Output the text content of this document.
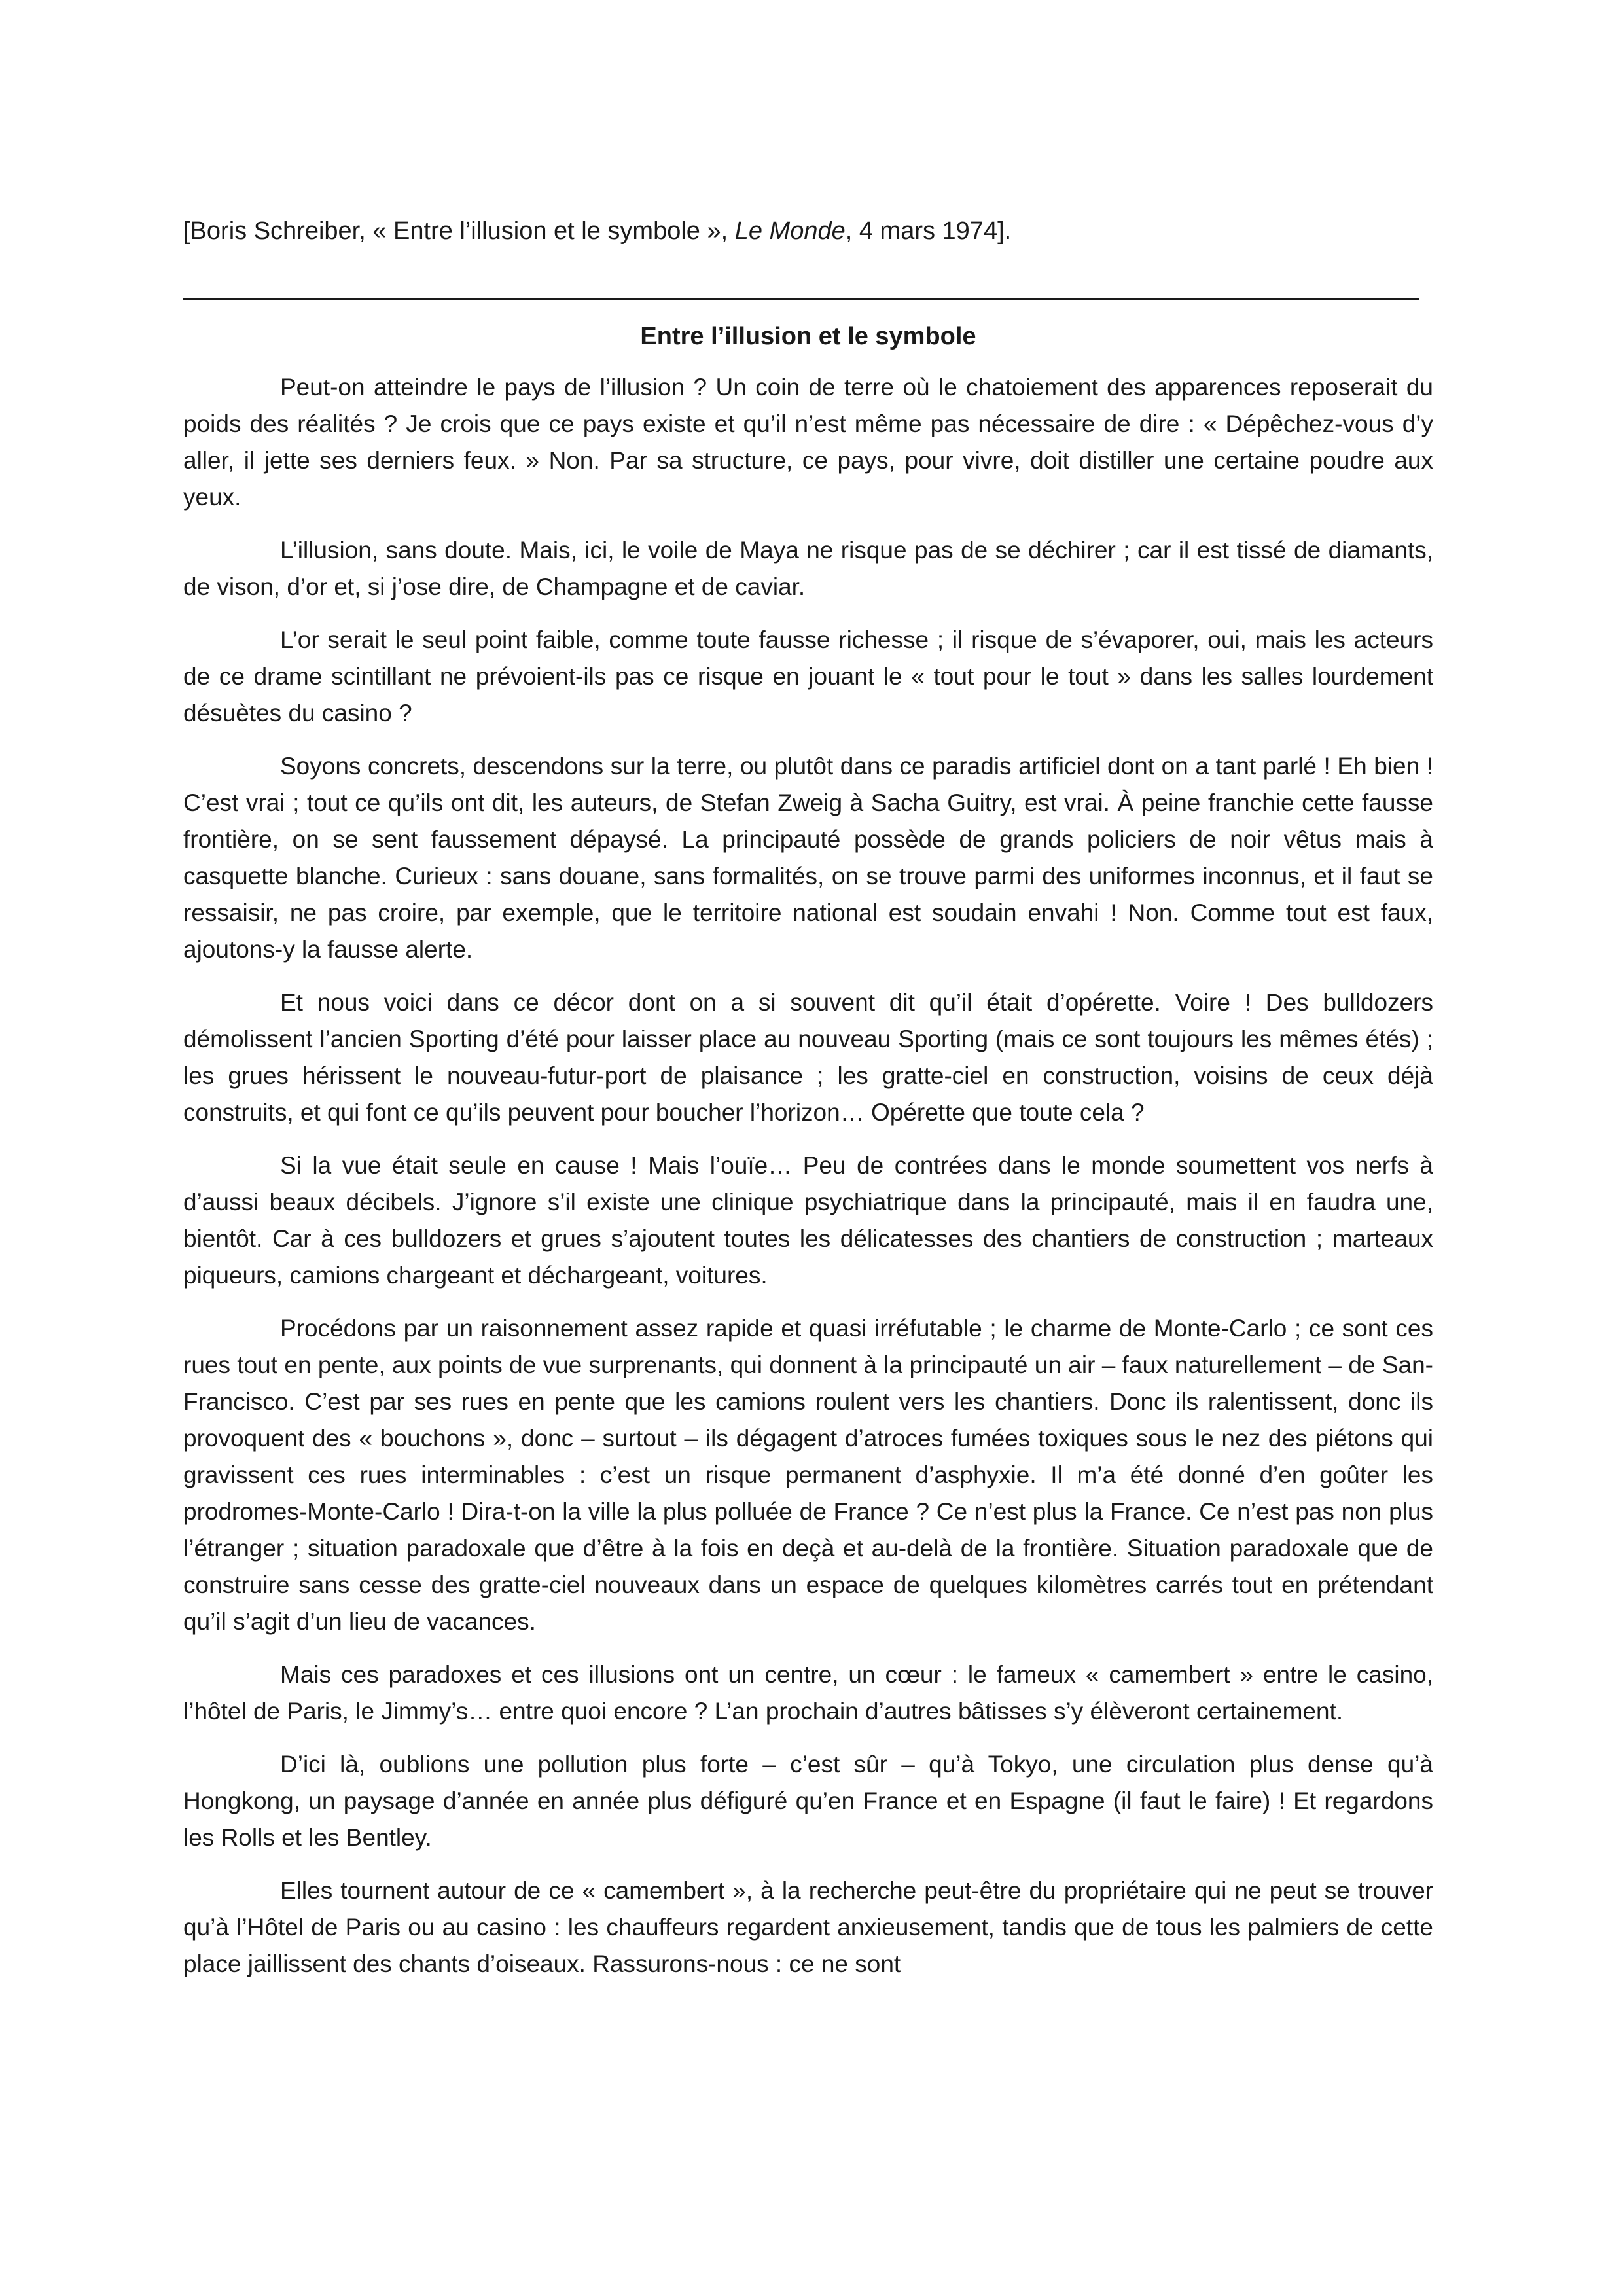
[Boris Schreiber, « Entre l’illusion et le symbole », Le Monde, 4 mars 1974].
Entre l’illusion et le symbole

Peut-on atteindre le pays de l’illusion ? Un coin de terre où le chatoiement des apparences reposerait du poids des réalités ? Je crois que ce pays existe et qu’il n’est même pas nécessaire de dire : « Dépêchez-vous d’y aller, il jette ses derniers feux. » Non. Par sa structure, ce pays, pour vivre, doit distiller une certaine poudre aux yeux.

L’illusion, sans doute. Mais, ici, le voile de Maya ne risque pas de se déchirer ; car il est tissé de diamants, de vison, d’or et, si j’ose dire, de Champagne et de caviar.

L’or serait le seul point faible, comme toute fausse richesse ; il risque de s’évaporer, oui, mais les acteurs de ce drame scintillant ne prévoient-ils pas ce risque en jouant le « tout pour le tout » dans les salles lourdement désuètes du casino ?

Soyons concrets, descendons sur la terre, ou plutôt dans ce paradis artificiel dont on a tant parlé ! Eh bien ! C’est vrai ; tout ce qu’ils ont dit, les auteurs, de Stefan Zweig à Sacha Guitry, est vrai. À peine franchie cette fausse frontière, on se sent faussement dépaysé. La principauté possède de grands policiers de noir vêtus mais à casquette blanche. Curieux : sans douane, sans formalités, on se trouve parmi des uniformes inconnus, et il faut se ressaisir, ne pas croire, par exemple, que le territoire national est soudain envahi ! Non. Comme tout est faux, ajoutons-y la fausse alerte.

Et nous voici dans ce décor dont on a si souvent dit qu’il était d’opérette. Voire ! Des bulldozers démolissent l’ancien Sporting d’été pour laisser place au nouveau Sporting (mais ce sont toujours les mêmes étés) ; les grues hérissent le nouveau-futur-port de plaisance ; les gratte-ciel en construction, voisins de ceux déjà construits, et qui font ce qu’ils peuvent pour boucher l’horizon… Opérette que toute cela ?

Si la vue était seule en cause ! Mais l’ouïe… Peu de contrées dans le monde soumettent vos nerfs à d’aussi beaux décibels. J’ignore s’il existe une clinique psychiatrique dans la principauté, mais il en faudra une, bientôt. Car à ces bulldozers et grues s’ajoutent toutes les délicatesses des chantiers de construction ; marteaux piqueurs, camions chargeant et déchargeant, voitures.

Procédons par un raisonnement assez rapide et quasi irréfutable ; le charme de Monte-Carlo ; ce sont ces rues tout en pente, aux points de vue surprenants, qui donnent à la principauté un air – faux naturellement – de San-Francisco. C’est par ses rues en pente que les camions roulent vers les chantiers. Donc ils ralentissent, donc ils provoquent des « bouchons », donc – surtout – ils dégagent d’atroces fumées toxiques sous le nez des piétons qui gravissent ces rues interminables : c’est un risque permanent d’asphyxie. Il m’a été donné d’en goûter les prodromes-Monte-Carlo ! Dira-t-on la ville la plus polluée de France ? Ce n’est plus la France. Ce n’est pas non plus l’étranger ; situation paradoxale que d’être à la fois en deçà et au-delà de la frontière. Situation paradoxale que de construire sans cesse des gratte-ciel nouveaux dans un espace de quelques kilomètres carrés tout en prétendant qu’il s’agit d’un lieu de vacances.

Mais ces paradoxes et ces illusions ont un centre, un cœur : le fameux « camembert » entre le casino, l’hôtel de Paris, le Jimmy’s… entre quoi encore ? L’an prochain d’autres bâtisses s’y élèveront certainement.

D’ici là, oublions une pollution plus forte – c’est sûr – qu’à Tokyo, une circulation plus dense qu’à Hongkong, un paysage d’année en année plus défiguré qu’en France et en Espagne (il faut le faire) ! Et regardons les Rolls et les Bentley.

Elles tournent autour de ce « camembert », à la recherche peut-être du propriétaire qui ne peut se trouver qu’à l’Hôtel de Paris ou au casino : les chauffeurs regardent anxieusement, tandis que de tous les palmiers de cette place jaillissent des chants d’oiseaux. Rassurons-nous : ce ne sont
